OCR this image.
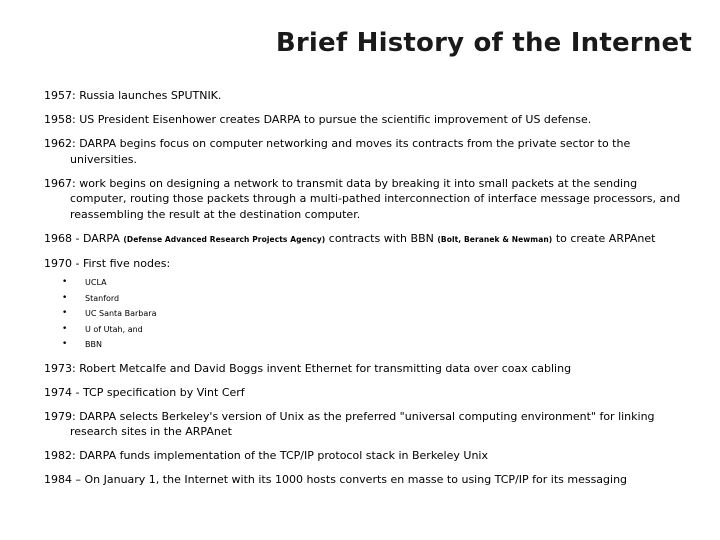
Brief History of the Internet
1957: Russia launches SPUTNIK.
1958: US President Eisenhower creates DARPA to pursue the scientific improvement of US defense.
1962: DARPA begins focus on computer networking and moves its contracts from the private sector to the universities.
1967: work begins on designing a network to transmit data by breaking it into small packets at the sending computer, routing those packets through a multi-pathed interconnection of interface message processors, and reassembling the result at the destination computer.
1968 - DARPA (Defense Advanced Research Projects Agency) contracts with BBN (Bolt, Beranek & Newman) to create ARPAnet
1970 - First five nodes:
• UCLA
• Stanford
• UC Santa Barbara
• U of Utah, and
• BBN
1973: Robert Metcalfe and David Boggs invent Ethernet for transmitting data over coax cabling
1974 - TCP specification by Vint Cerf
1979: DARPA selects Berkeley's version of Unix as the preferred "universal computing environment" for linking research sites in the ARPAnet
1982: DARPA funds implementation of the TCP/IP protocol stack in Berkeley Unix
1984 – On January 1, the Internet with its 1000 hosts converts en masse to using TCP/IP for its messaging
